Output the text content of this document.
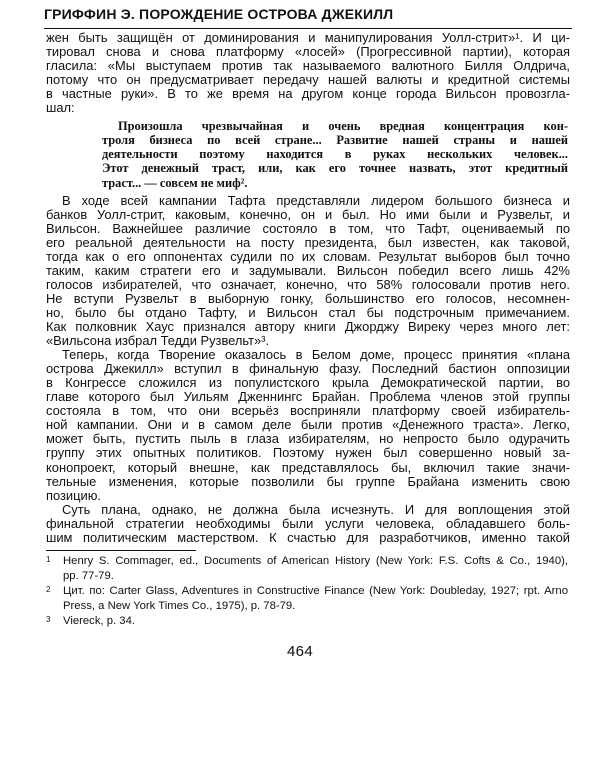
ГРИФФИН Э. ПОРОЖДЕНИЕ ОСТРОВА ДЖЕКИЛЛ
жен быть защищён от доминирования и манипулирования Уолл-стрит»¹. И ци-
тировал снова и снова платформу «лосей» (Прогрессивной партии), которая
гласила: «Мы выступаем против так называемого валютного Билля Олдрича,
потому что он предусматривает передачу нашей валюты и кредитной системы
в частные руки». В то же время на другом конце города Вильсон провозгла-
шал:
Произошла чрезвычайная и очень вредная концентрация кон-
троля бизнеса по всей стране... Развитие нашей страны и нашей
деятельности поэтому находится в руках нескольких человек...
Этот денежный траст, или, как его точнее назвать, этот кредитный
траст... — совсем не миф².
В ходе всей кампании Тафта представляли лидером большого бизнеса и
банков Уолл-стрит, каковым, конечно, он и был. Но ими были и Рузвельт, и
Вильсон. Важнейшее различие состояло в том, что Тафт, оцениваемый по
его реальной деятельности на посту президента, был известен, как таковой,
тогда как о его оппонентах судили по их словам. Результат выборов был точно
таким, каким стратеги его и задумывали. Вильсон победил всего лишь 42%
голосов избирателей, что означает, конечно, что 58% голосовали против него.
Не вступи Рузвельт в выборную гонку, большинство его голосов, несомнен-
но, было бы отдано Тафту, и Вильсон стал бы подстрочным примечанием.
Как полковник Хаус признался автору книги Джорджу Виреку через много лет:
«Вильсона избрал Тедди Рузвельт»³.
Теперь, когда Творение оказалось в Белом доме, процесс принятия «плана
острова Джекилл» вступил в финальную фазу. Последний бастион оппозиции
в Конгрессе сложился из популистского крыла Демократической партии, во
главе которого был Уильям Дженнингс Брайан. Проблема членов этой группы
состояла в том, что они всерьёз восприняли платформу своей избиратель-
ной кампании. Они и в самом деле были против «Денежного траста». Легко,
может быть, пустить пыль в глаза избирателям, но непросто было одурачить
группу этих опытных политиков. Поэтому нужен был совершенно новый за-
конопроект, который внешне, как представлялось бы, включил такие значи-
тельные изменения, которые позволили бы группе Брайана изменить свою
позицию.
Суть плана, однако, не должна была исчезнуть. И для воплощения этой
финальной стратегии необходимы были услуги человека, обладавшего боль-
шим политическим мастерством. К счастью для разработчиков, именно такой
1 Henry S. Commager, ed., Documents of American History (New York: F.S. Cofts & Co., 1940),
pp. 77-79.
2 Цит. по: Carter Glass, Adventures in Constructive Finance (New York: Doubleday, 1927; rpt. Arno
Press, a New York Times Co., 1975), p. 78-79.
3 Viereck, p. 34.
464
